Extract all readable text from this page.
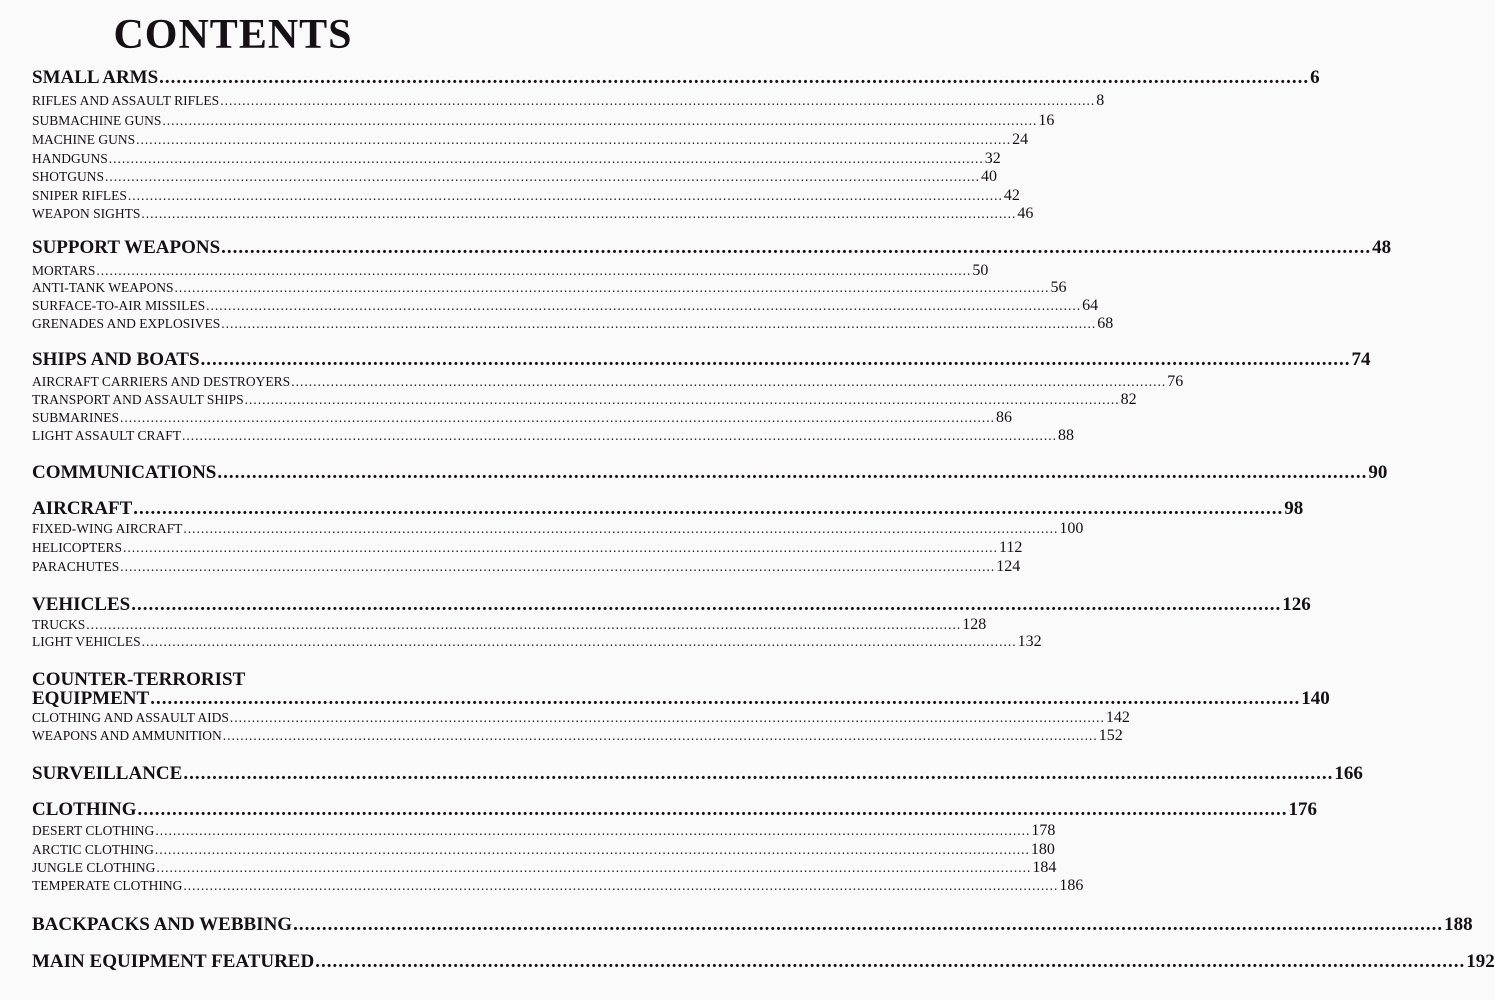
CONTENTS
SMALL ARMS ........................................................................................................................................................................................................ 6
RIFLES AND ASSAULT RIFLES ........................................................................................................................................................................................................ 8
SUBMACHINE GUNS ........................................................................................................................................................................................................ 16
MACHINE GUNS ........................................................................................................................................................................................................ 24
HANDGUNS ........................................................................................................................................................................................................ 32
SHOTGUNS ........................................................................................................................................................................................................ 40
SNIPER RIFLES ........................................................................................................................................................................................................ 42
WEAPON SIGHTS ........................................................................................................................................................................................................ 46
SUPPORT WEAPONS ........................................................................................................................................................................................................ 48
MORTARS ........................................................................................................................................................................................................ 50
ANTI-TANK WEAPONS ........................................................................................................................................................................................................ 56
SURFACE-TO-AIR MISSILES ........................................................................................................................................................................................................ 64
GRENADES AND EXPLOSIVES ........................................................................................................................................................................................................ 68
SHIPS AND BOATS ........................................................................................................................................................................................................ 74
AIRCRAFT CARRIERS AND DESTROYERS ........................................................................................................................................................................................................ 76
TRANSPORT AND ASSAULT SHIPS ........................................................................................................................................................................................................ 82
SUBMARINES ........................................................................................................................................................................................................ 86
LIGHT ASSAULT CRAFT ........................................................................................................................................................................................................ 88
COMMUNICATIONS ........................................................................................................................................................................................................ 90
AIRCRAFT ........................................................................................................................................................................................................ 98
FIXED-WING AIRCRAFT ........................................................................................................................................................................................................ 100
HELICOPTERS ........................................................................................................................................................................................................ 112
PARACHUTES ........................................................................................................................................................................................................ 124
VEHICLES ........................................................................................................................................................................................................ 126
TRUCKS ........................................................................................................................................................................................................ 128
LIGHT VEHICLES ........................................................................................................................................................................................................ 132
COUNTER-TERRORIST
EQUIPMENT ........................................................................................................................................................................................................ 140
CLOTHING AND ASSAULT AIDS ........................................................................................................................................................................................................ 142
WEAPONS AND AMMUNITION ........................................................................................................................................................................................................ 152
SURVEILLANCE ........................................................................................................................................................................................................ 166
CLOTHING ........................................................................................................................................................................................................ 176
DESERT CLOTHING ........................................................................................................................................................................................................ 178
ARCTIC CLOTHING ........................................................................................................................................................................................................ 180
JUNGLE CLOTHING ........................................................................................................................................................................................................ 184
TEMPERATE CLOTHING ........................................................................................................................................................................................................ 186
BACKPACKS AND WEBBING ........................................................................................................................................................................................................ 188
MAIN EQUIPMENT FEATURED ........................................................................................................................................................................................................ 192
